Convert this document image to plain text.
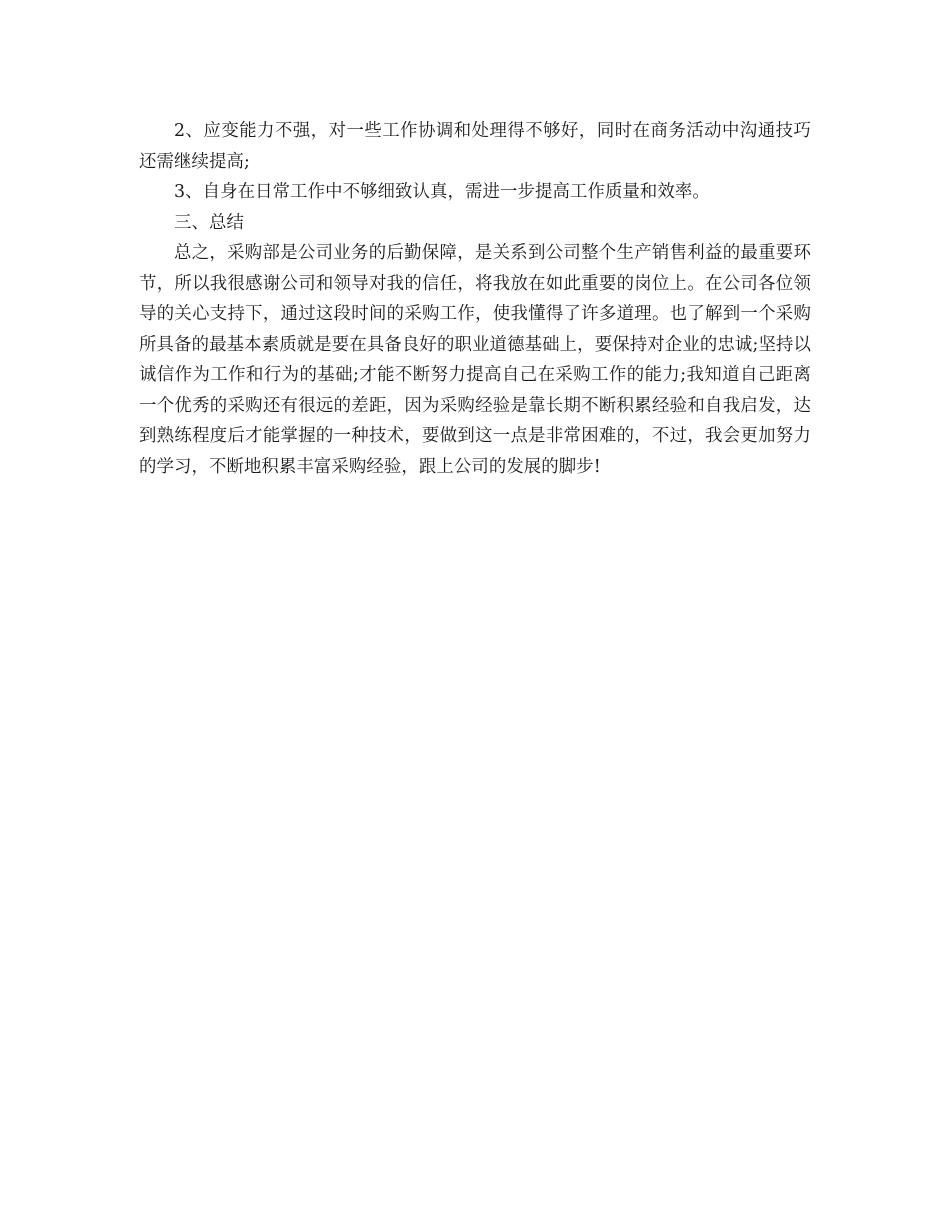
2、应变能力不强，对一些工作协调和处理得不够好，同时在商务活动中沟通技巧还需继续提高;

3、自身在日常工作中不够细致认真，需进一步提高工作质量和效率。

三、总结

总之，采购部是公司业务的后勤保障，是关系到公司整个生产销售利益的最重要环节，所以我很感谢公司和领导对我的信任，将我放在如此重要的岗位上。在公司各位领导的关心支持下，通过这段时间的采购工作，使我懂得了许多道理。也了解到一个采购所具备的最基本素质就是要在具备良好的职业道德基础上，要保持对企业的忠诚;坚持以诚信作为工作和行为的基础;才能不断努力提高自己在采购工作的能力;我知道自己距离一个优秀的采购还有很远的差距，因为采购经验是靠长期不断积累经验和自我启发，达到熟练程度后才能掌握的一种技术，要做到这一点是非常困难的，不过，我会更加努力的学习，不断地积累丰富采购经验，跟上公司的发展的脚步!
